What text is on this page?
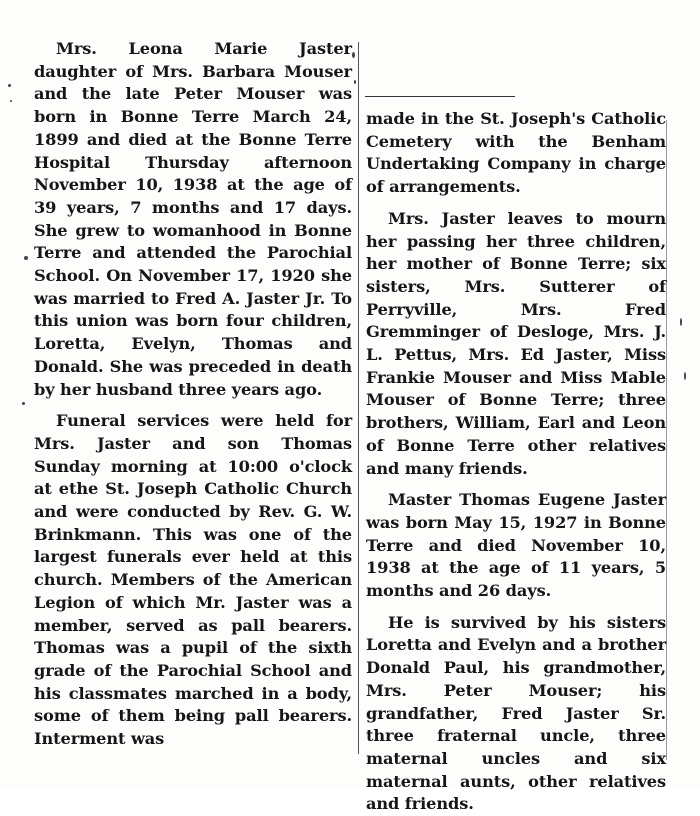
Mrs. Leona Marie Jaster daughter of Mrs. Barbara Mouser and the late Peter Mouser was born in Bonne Terre March 24, 1899 and died at the Bonne Terre Hospital Thursday afternoon November 10, 1938 at the age of 39 years, 7 months and 17 days. She grew to womanhood in Bonne Terre and attended the Parochial School. On November 17, 1920 she was married to Fred A. Jaster Jr. To this union was born four children, Loretta, Evelyn, Thomas and Donald. She was preceded in death by her husband three years ago.

Funeral services were held for Mrs. Jaster and son Thomas Sunday morning at 10:00 o'clock at ethe St. Joseph Catholic Church and were conducted by Rev. G. W. Brinkmann. This was one of the largest funerals ever held at this church. Members of the American Legion of which Mr. Jaster was a member, served as pall bearers. Thomas was a pupil of the sixth grade of the Parochial School and his classmates marched in a body, some of them being pall bearers. Interment was

made in the St. Joseph's Catholic Cemetery with the Benham Undertaking Company in charge of arrangements.

Mrs. Jaster leaves to mourn her passing her three children, her mother of Bonne Terre; six sisters, Mrs. Sutterer of Perryville, Mrs. Fred Gremminger of Desloge, Mrs. J. L. Pettus, Mrs. Ed Jaster, Miss Frankie Mouser and Miss Mable Mouser of Bonne Terre; three brothers, William, Earl and Leon of Bonne Terre other relatives and many friends.

Master Thomas Eugene Jaster was born May 15, 1927 in Bonne Terre and died November 10, 1938 at the age of 11 years, 5 months and 26 days.

He is survived by his sisters Loretta and Evelyn and a brother Donald Paul, his grandmother, Mrs. Peter Mouser; his grandfather, Fred Jaster Sr. three fraternal uncle, three maternal uncles and six maternal aunts, other relatives and friends.
